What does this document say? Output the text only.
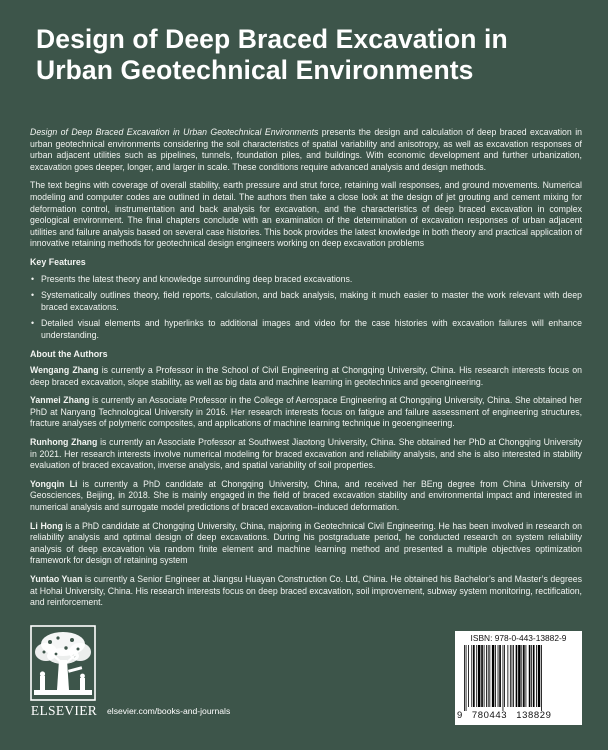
Design of Deep Braced Excavation in Urban Geotechnical Environments

Design of Deep Braced Excavation in Urban Geotechnical Environments presents the design and calculation of deep braced excavation in urban geotechnical environments considering the soil characteristics of spatial variability and anisotropy, as well as excavation responses of urban adjacent utilities such as pipelines, tunnels, foundation piles, and buildings. With economic development and further urbanization, excavation goes deeper, longer, and larger in scale. These conditions require advanced analysis and design methods.

The text begins with coverage of overall stability, earth pressure and strut force, retaining wall responses, and ground movements. Numerical modeling and computer codes are outlined in detail. The authors then take a close look at the design of jet grouting and cement mixing for deformation control, instrumentation and back analysis for excavation, and the characteristics of deep braced excavation in complex geological environment. The final chapters conclude with an examination of the determination of excavation responses of urban adjacent utilities and failure analysis based on several case histories. This book provides the latest knowledge in both theory and practical application of innovative retaining methods for geotechnical design engineers working on deep excavation problems

Key Features
• Presents the latest theory and knowledge surrounding deep braced excavations.
• Systematically outlines theory, field reports, calculation, and back analysis, making it much easier to master the work relevant with deep braced excavations.
• Detailed visual elements and hyperlinks to additional images and video for the case histories with excavation failures will enhance understanding.
About the Authors

Wengang Zhang is currently a Professor in the School of Civil Engineering at Chongqing University, China. His research interests focus on deep braced excavation, slope stability, as well as big data and machine learning in geotechnics and geoengineering.

Yanmei Zhang is currently an Associate Professor in the College of Aerospace Engineering at Chongqing University, China. She obtained her PhD at Nanyang Technological University in 2016. Her research interests focus on fatigue and failure assessment of engineering structures, fracture analyses of polymeric composites, and applications of machine learning technique in geoengineering.

Runhong Zhang is currently an Associate Professor at Southwest Jiaotong University, China. She obtained her PhD at Chongqing University in 2021. Her research interests involve numerical modeling for braced excavation and reliability analysis, and she is also interested in stability evaluation of braced excavation, inverse analysis, and spatial variability of soil properties.

Yongqin Li is currently a PhD candidate at Chongqing University, China, and received her BEng degree from China University of Geosciences, Beijing, in 2018. She is mainly engaged in the field of braced excavation stability and environmental impact and interested in numerical analysis and surrogate model predictions of braced excavation–induced deformation.

Li Hong is a PhD candidate at Chongqing University, China, majoring in Geotechnical Civil Engineering. He has been involved in research on reliability analysis and optimal design of deep excavations. During his postgraduate period, he conducted research on system reliability analysis of deep excavation via random finite element and machine learning method and presented a multiple objectives optimization framework for design of retaining system

Yuntao Yuan is currently a Senior Engineer at Jiangsu Huayan Construction Co. Ltd, China. He obtained his Bachelor’s and Master’s degrees at Hohai University, China. His research interests focus on deep braced excavation, soil improvement, subway system monitoring, rectification, and reinforcement.

ELSEVIER	elsevier.com/books-and-journals
ISBN: 978-0-443-13882-9
9 780443 138829
